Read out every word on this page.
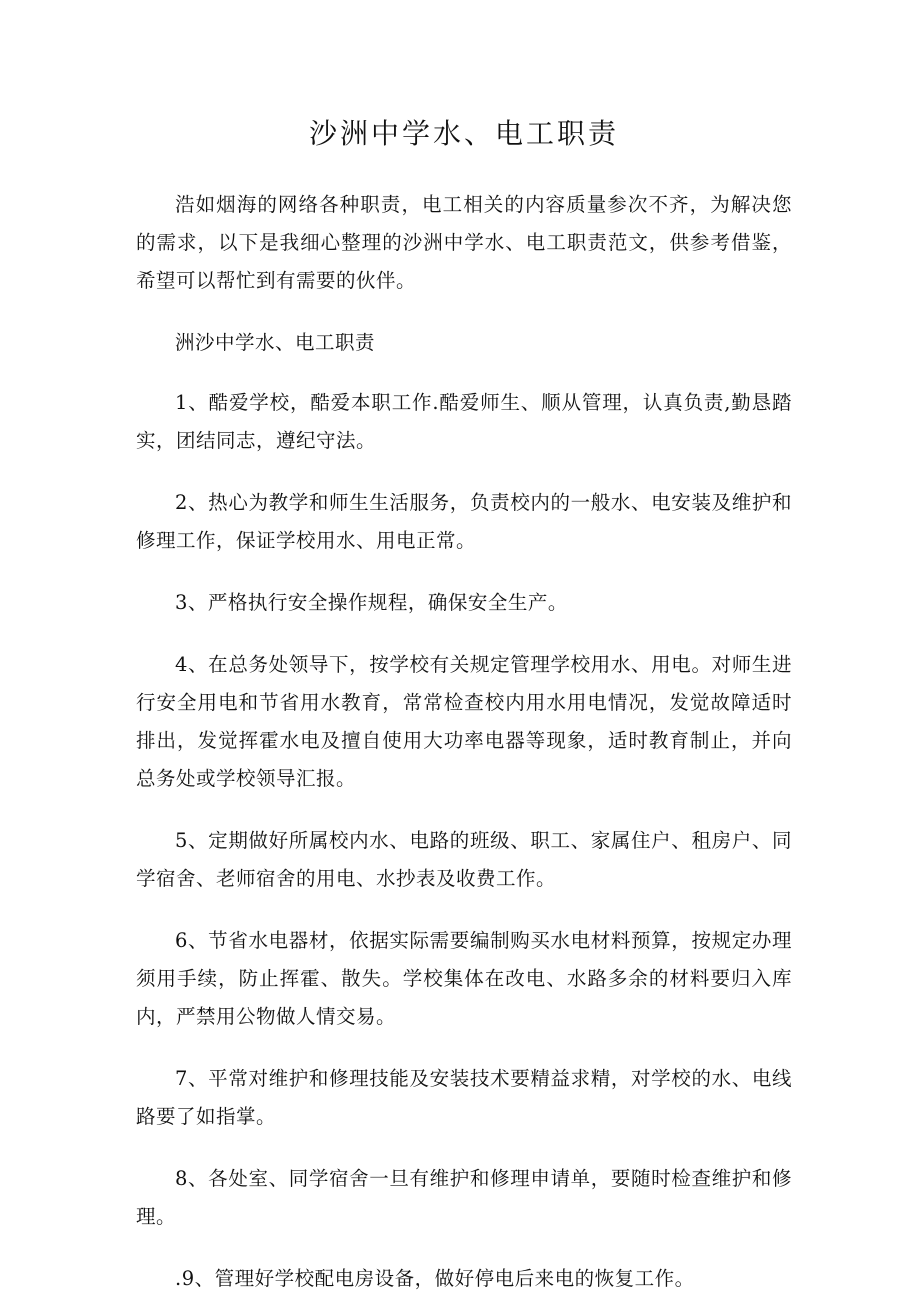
沙洲中学水、电工职责

浩如烟海的网络各种职责，电工相关的内容质量参次不齐，为解决您的需求，以下是我细心整理的沙洲中学水、电工职责范文，供参考借鉴，希望可以帮忙到有需要的伙伴。

洲沙中学水、电工职责

1、酷爱学校，酷爱本职工作.酷爱师生、顺从管理，认真负责,勤恳踏实，团结同志，遵纪守法。

2、热心为教学和师生生活服务，负责校内的一般水、电安装及维护和修理工作，保证学校用水、用电正常。

3、严格执行安全操作规程，确保安全生产。

4、在总务处领导下，按学校有关规定管理学校用水、用电。对师生进行安全用电和节省用水教育，常常检查校内用水用电情况，发觉故障适时排出，发觉挥霍水电及擅自使用大功率电器等现象，适时教育制止，并向总务处或学校领导汇报。

5、定期做好所属校内水、电路的班级、职工、家属住户、租房户、同学宿舍、老师宿舍的用电、水抄表及收费工作。

6、节省水电器材，依据实际需要编制购买水电材料预算，按规定办理须用手续，防止挥霍、散失。学校集体在改电、水路多余的材料要归入库内，严禁用公物做人情交易。

7、平常对维护和修理技能及安装技术要精益求精，对学校的水、电线路要了如指掌。

8、各处室、同学宿舍一旦有维护和修理申请单，要随时检查维护和修理。

.9、管理好学校配电房设备，做好停电后来电的恢复工作。
